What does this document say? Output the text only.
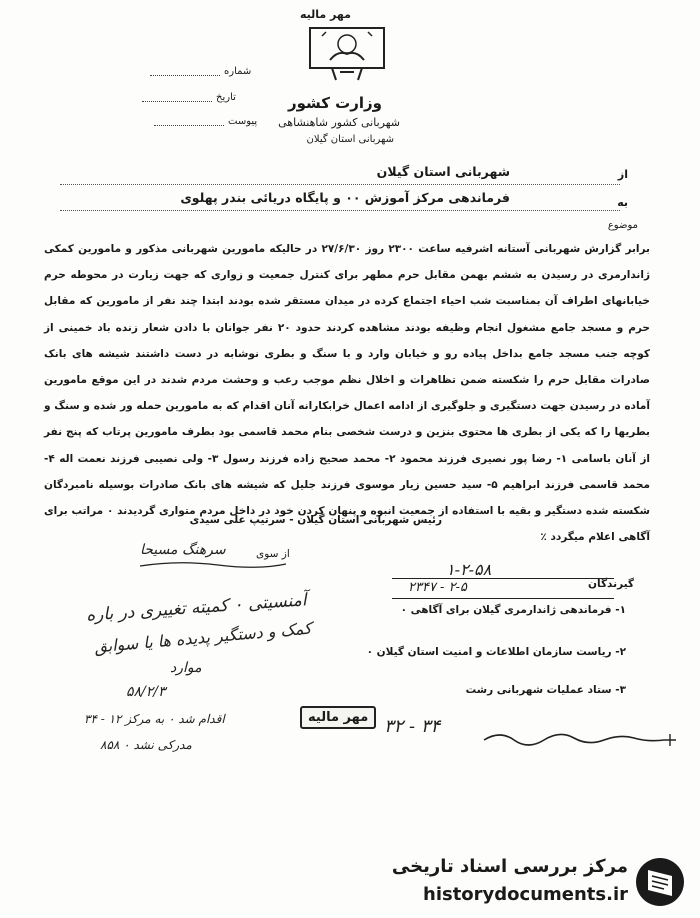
مهر مالیه
وزارت کشور
شهربانی کشور شاهنشاهی
شهربانی استان گیلان
شماره
تاریخ
پیوست
از
شهربانی استان گیلان
به
فرماندهی مرکز آموزش ۰۰ و پایگاه دریائی بندر پهلوی
موضوع
برابر گزارش شهربانی آستانه اشرفیه ساعت ۲۳۰۰ روز ۲۷/۶/۳۰ در حالیکه مامورین شهربانی مذکور و مامورین کمکی ژاندارمری در رسیدن به ششم بهمن مقابل حرم مطهر برای کنترل جمعیت و زواری که جهت زیارت در محوطه حرم خیابانهای اطراف آن بمناسبت شب احیاء اجتماع کرده در میدان مستقر شده بودند ابتدا چند نفر از مامورین که مقابل حرم و مسجد جامع مشغول انجام وظیفه بودند مشاهده کردند حدود ۲۰ نفر جوانان با دادن شعار زنده باد خمینی از کوچه جنب مسجد جامع بداخل پیاده رو و خیابان وارد و با سنگ و بطری نوشابه در دست داشتند شیشه های بانک صادرات مقابل حرم را شکسته ضمن تظاهرات و اخلال نظم موجب رعب و وحشت مردم شدند در این موقع مامورین آماده در رسیدن جهت دستگیری و جلوگیری از ادامه اعمال خرابکارانه آنان اقدام که به مامورین حمله ور شده و سنگ و بطریها را که یکی از بطری ها محتوی بنزین و درست شخصی بنام محمد قاسمی بود بطرف مامورین پرتاب که پنج نفر از آنان باسامی ۱- رضا پور نصیری فرزند محمود ۲- محمد صحیح زاده فرزند رسول ۳- ولی نصیبی فرزند نعمت اله ۴- محمد قاسمی فرزند ابراهیم ۵- سید حسین زیار موسوی فرزند جلیل که شیشه های بانک صادرات بوسیله نامبردگان شکسته شده دستگیر و بقیه با استفاده از جمعیت انبوه و پنهان کردن خود در داخل مردم متواری گردیدند ۰ مراتب برای آگاهی اعلام میگردد ٪
رئیس شهربانی استان گیلان - سرتیپ علی سیدی
از سوی
سرهنگ مسیحا
گیرندگان
۱-۲-۵۸
۲۳۴۷ - ۲-۵
۱- فرماندهی ژاندارمری گیلان برای آگاهی ۰
۲- ریاست سازمان اطلاعات و امنیت استان گیلان ۰
۳- ستاد عملیات شهربانی رشت
آمنسیتی ۰ کمیته تغییری در باره
کمک و دستگیر پدیده ها یا سوابق
موارد
۵۸/۲/۳
اقدام شد ۰ به مرکز ۱۲ - ۳۴
مدرکی نشد ۰ ۸۵۸
مهر مالیه ۳۲ - ۳۴
مرکز بررسی اسناد تاریخی
historydocuments.ir
